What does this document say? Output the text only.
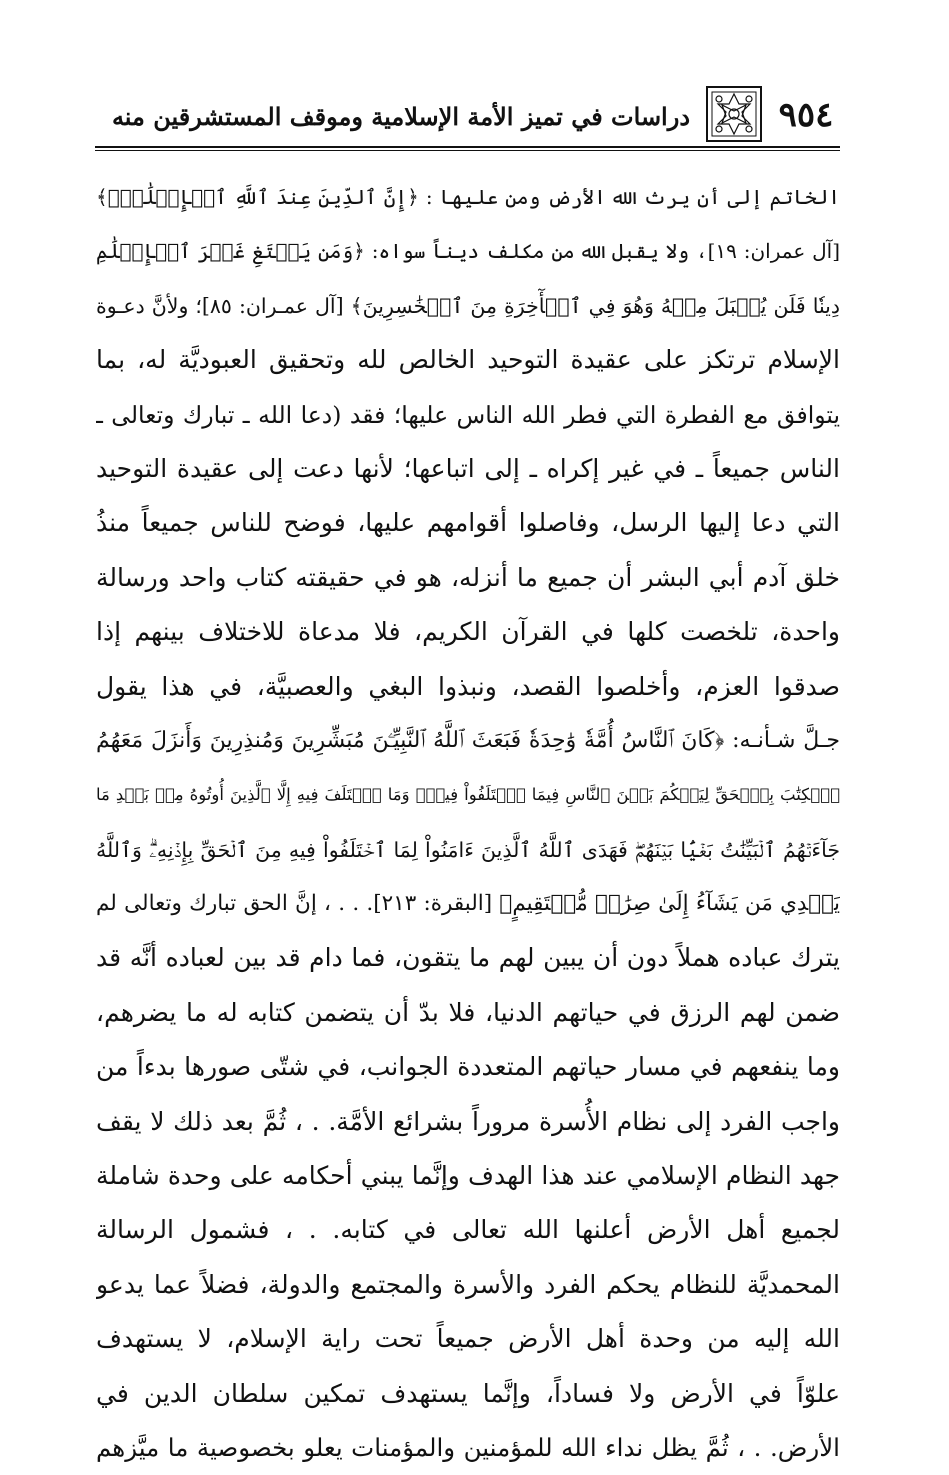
٩٥٤
دراسات في تميز الأمة الإسلامية وموقف المستشرقين منه
الخاتم إلى أن يرث الله الأرض ومن عليها : ﴿إِنَّ ٱلدِّينَ عِندَ ٱللَّهِ ٱلۡإِسۡلَٰمُۗ﴾
[آل عمران: ١٩]، ولا يقبل الله من مكلف ديناً سواه: ﴿وَمَن يَبۡتَغِ غَيۡرَ ٱلۡإِسۡلَٰمِ
دِينٗا فَلَن يُقۡبَلَ مِنۡهُ وَهُوَ فِي ٱلۡأٓخِرَةِ مِنَ ٱلۡخَٰسِرِينَ﴾ [آل عمـران: ٨٥]؛ ولأنَّ دعـوة
الإسلام ترتكز على عقيدة التوحيد الخالص لله وتحقيق العبوديَّة له، بما
يتوافق مع الفطرة التي فطر الله الناس عليها؛ فقد (دعا الله ـ تبارك وتعالى ـ
الناس جميعاً ـ في غير إكراه ـ إلى اتباعها؛ لأنها دعت إلى عقيدة التوحيد
التي دعا إليها الرسل، وفاصلوا أقوامهم عليها، فوضح للناس جميعاً منذُ
خلق آدم أبي البشر أن جميع ما أنزله، هو في حقيقته كتاب واحد ورسالة
واحدة، تلخصت كلها في القرآن الكريم، فلا مدعاة للاختلاف بينهم إذا
صدقوا العزم، وأخلصوا القصد، ونبذوا البغي والعصبيَّة، في هذا يقول
جـلَّ شـأنـه: ﴿كَانَ ٱلنَّاسُ أُمَّةٗ وَٰحِدَةٗ فَبَعَثَ ٱللَّهُ ٱلنَّبِيِّـۧنَ مُبَشِّرِينَ وَمُنذِرِينَ وَأَنزَلَ مَعَهُمُ
ٱلۡكِتَٰبَ بِٱلۡحَقِّ لِيَحۡكُمَ بَيۡنَ ٱلنَّاسِ فِيمَا ٱخۡتَلَفُواْ فِيهِۚ وَمَا ٱخۡتَلَفَ فِيهِ إِلَّا ٱلَّذِينَ أُوتُوهُ مِنۢ بَعۡدِ مَا
جَآءَتۡهُمُ ٱلۡبَيِّنَٰتُ بَغۡيَۢا بَيۡنَهُمۡۖ فَهَدَى ٱللَّهُ ٱلَّذِينَ ءَامَنُواْ لِمَا ٱخۡتَلَفُواْ فِيهِ مِنَ ٱلۡحَقِّ بِإِذۡنِهِۦۗ وَٱللَّهُ
يَهۡدِي مَن يَشَآءُ إِلَىٰ صِرَٰطٖ مُّسۡتَقِيمٍ﴾ [البقرة: ٢١٣]. . . ، إنَّ الحق تبارك وتعالى لم
يترك عباده هملاً دون أن يبين لهم ما يتقون، فما دام قد بين لعباده أنَّه قد
ضمن لهم الرزق في حياتهم الدنيا، فلا بدّ أن يتضمن كتابه له ما يضرهم،
وما ينفعهم في مسار حياتهم المتعددة الجوانب، في شتّى صورها بدءاً من
واجب الفرد إلى نظام الأُسرة مروراً بشرائع الأمَّة. . ، ثُمَّ بعد ذلك لا يقف
جهد النظام الإسلامي عند هذا الهدف وإنَّما يبني أحكامه على وحدة شاملة
لجميع أهل الأرض أعلنها الله تعالى في كتابه. . ، فشمول الرسالة
المحمديَّة للنظام يحكم الفرد والأسرة والمجتمع والدولة، فضلاً عما يدعو
الله إليه من وحدة أهل الأرض جميعاً تحت راية الإسلام، لا يستهدف
علوّاً في الأرض ولا فساداً، وإنَّما يستهدف تمكين سلطان الدين في
الأرض. . ، ثُمَّ يظل نداء الله للمؤمنين والمؤمنات يعلو بخصوصية ما ميَّزهم
